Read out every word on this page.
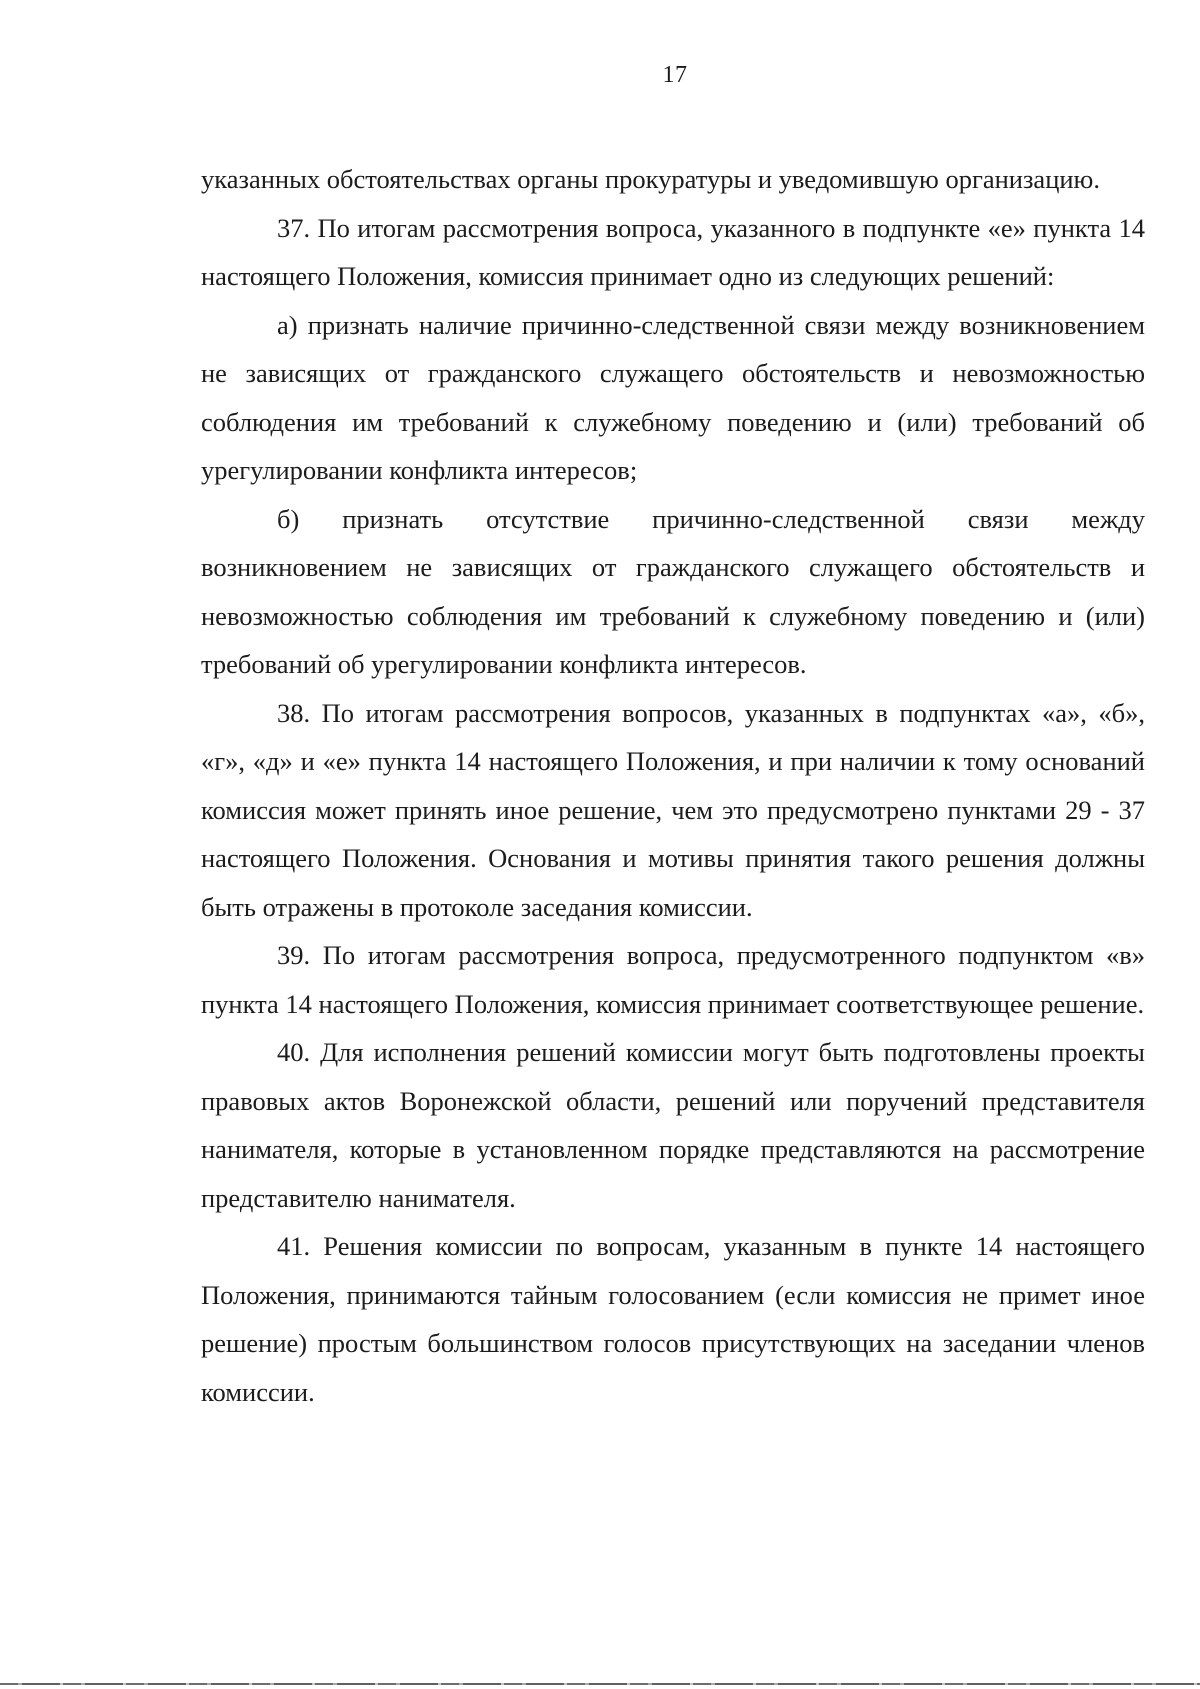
17

указанных обстоятельствах органы прокуратуры и уведомившую организацию.

37. По итогам рассмотрения вопроса, указанного в подпункте «е» пункта 14 настоящего Положения, комиссия принимает одно из следующих решений:

а) признать наличие причинно-следственной связи между возникновением не зависящих от гражданского служащего обстоятельств и невозможностью соблюдения им требований к служебному поведению и (или) требований об урегулировании конфликта интересов;

б) признать отсутствие причинно-следственной связи между возникновением не зависящих от гражданского служащего обстоятельств и невозможностью соблюдения им требований к служебному поведению и (или) требований об урегулировании конфликта интересов.

38. По итогам рассмотрения вопросов, указанных в подпунктах «а», «б», «г», «д» и «е» пункта 14 настоящего Положения, и при наличии к тому оснований комиссия может принять иное решение, чем это предусмотрено пунктами 29 - 37 настоящего Положения. Основания и мотивы принятия такого решения должны быть отражены в протоколе заседания комиссии.

39. По итогам рассмотрения вопроса, предусмотренного подпунктом «в» пункта 14 настоящего Положения, комиссия принимает соответствующее решение.

40. Для исполнения решений комиссии могут быть подготовлены проекты правовых актов Воронежской области, решений или поручений представителя нанимателя, которые в установленном порядке представляются на рассмотрение представителю нанимателя.

41. Решения комиссии по вопросам, указанным в пункте 14 настоящего Положения, принимаются тайным голосованием (если комиссия не примет иное решение) простым большинством голосов присутствующих на заседании членов комиссии.
